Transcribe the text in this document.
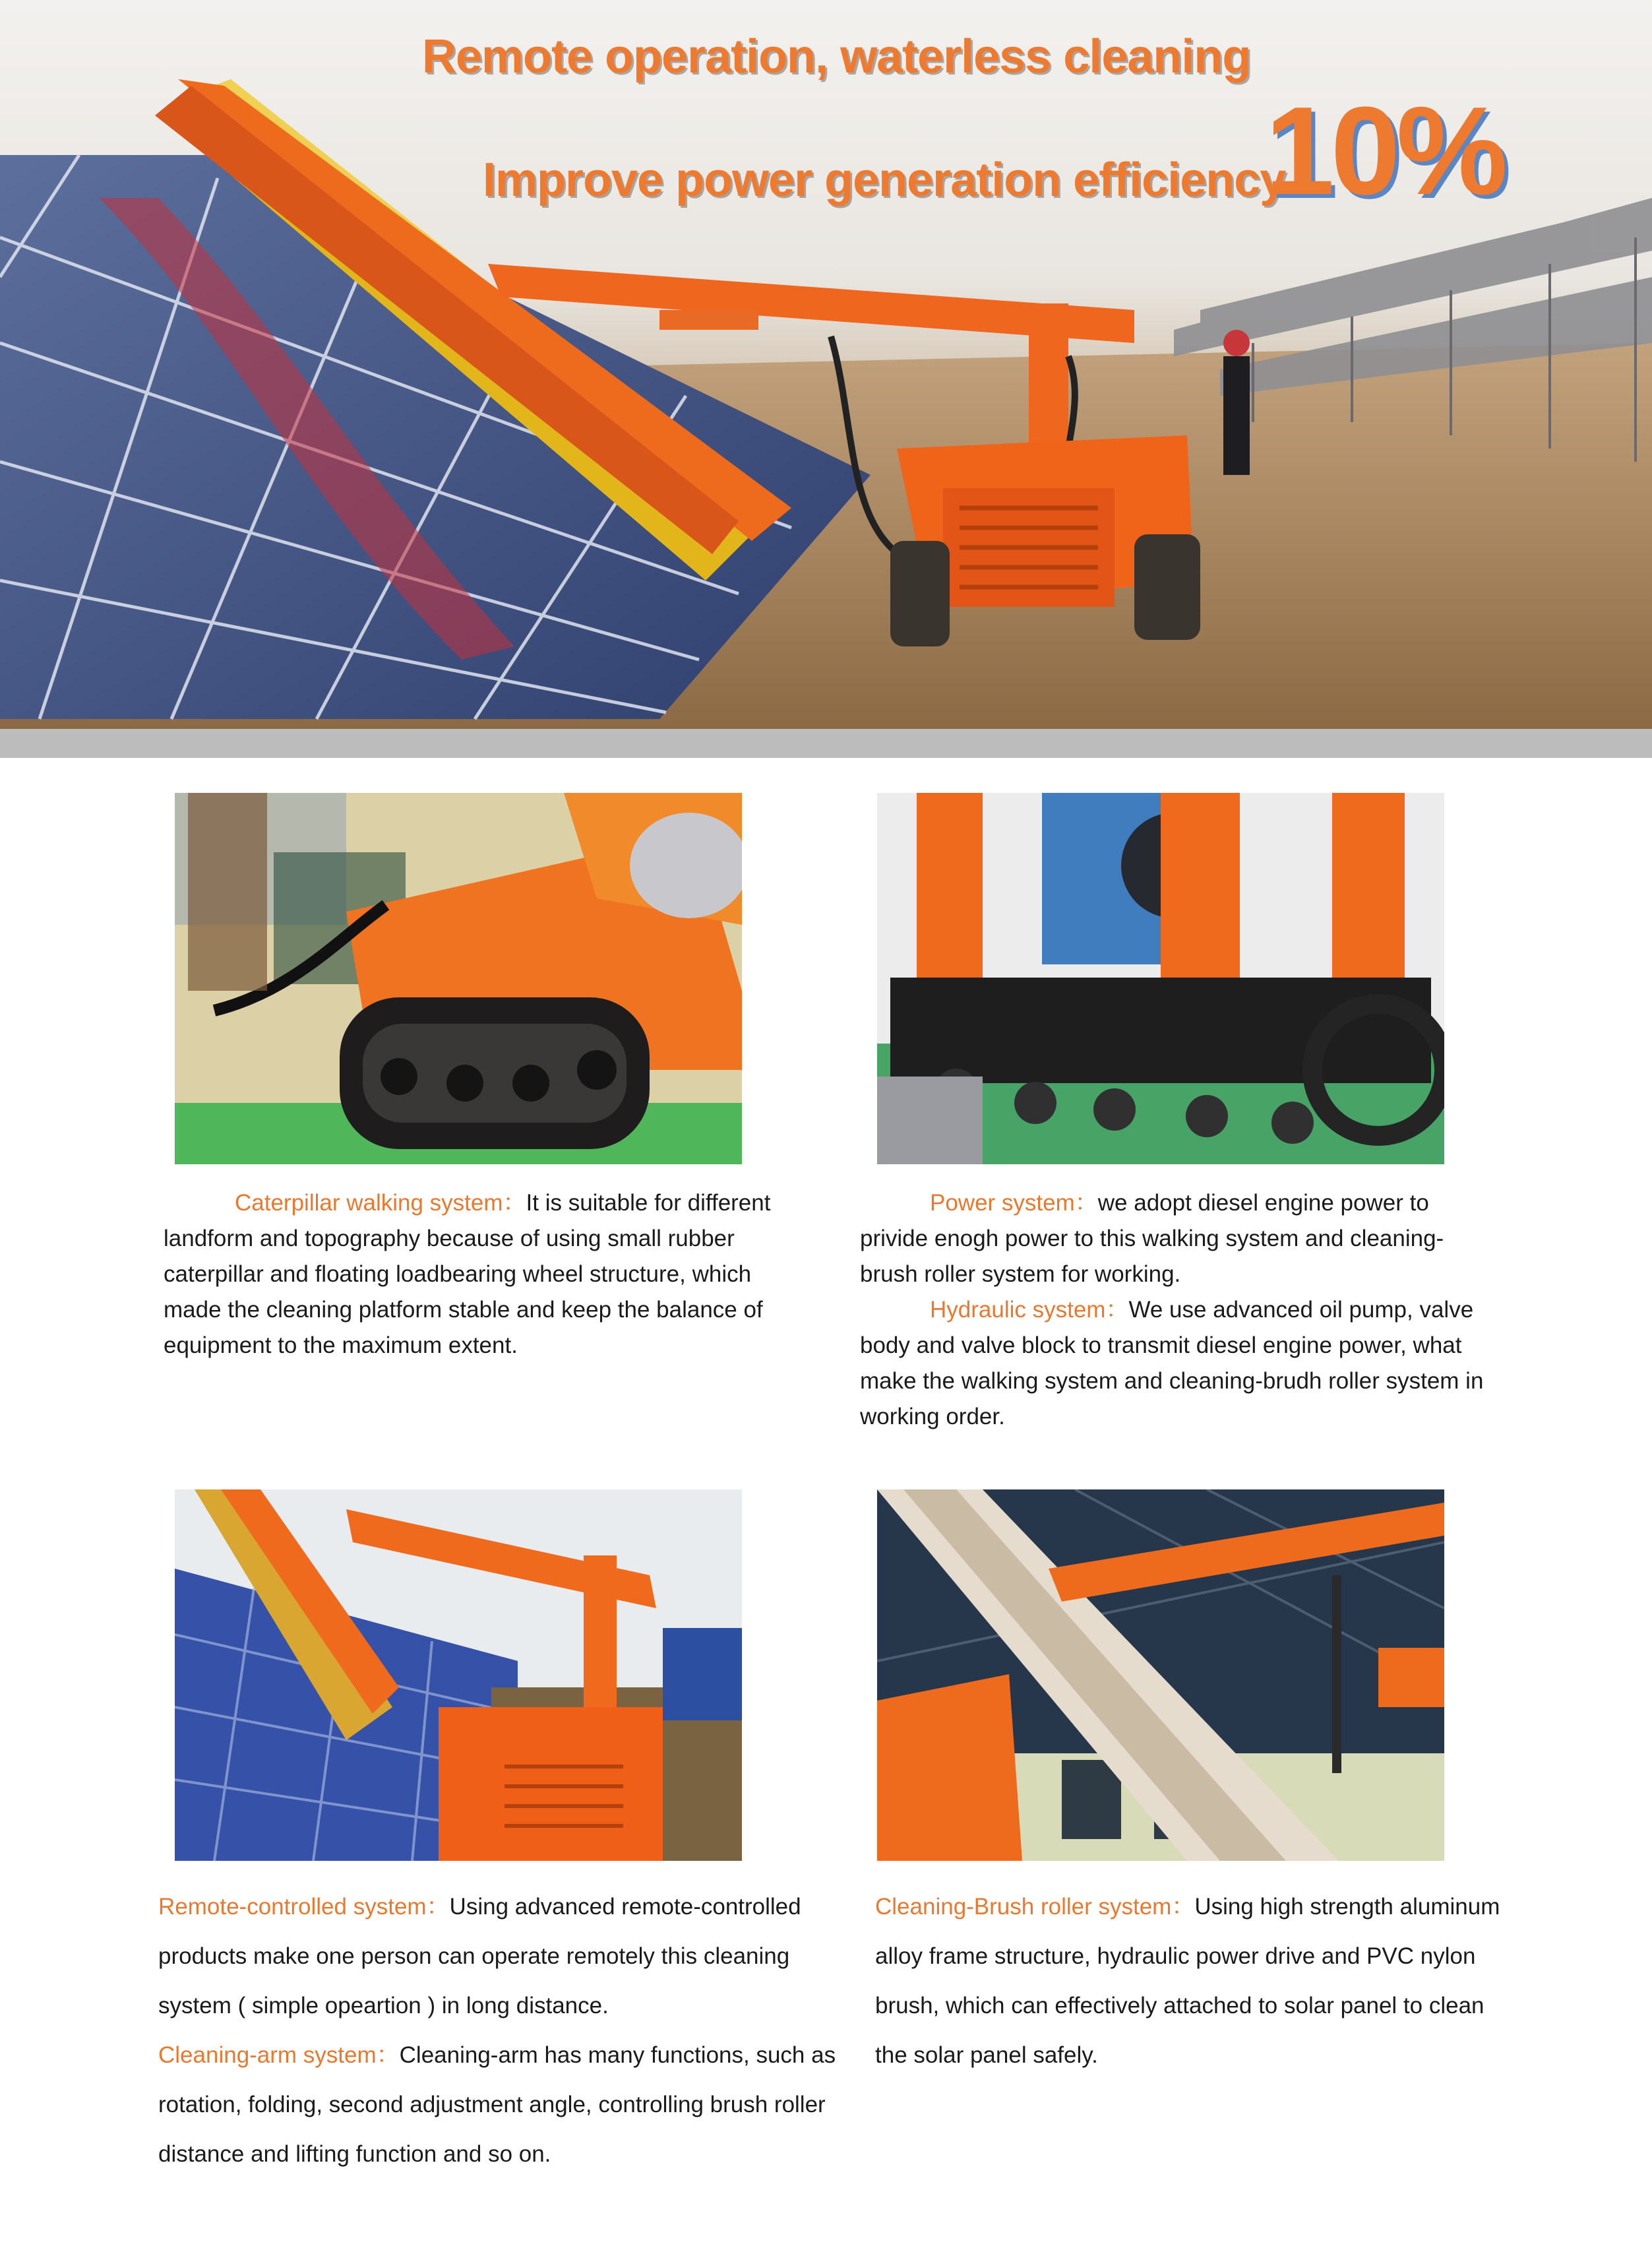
Remote operation, waterless cleaning
Improve power generation efficiency
10%

Caterpillar walking system：It is suitable for different landform and topography because of using small rubber caterpillar and floating loadbearing wheel structure, which made the cleaning platform stable and keep the balance of equipment to the maximum extent.

Power system：we adopt diesel engine power to privide enogh power to this walking system and cleaning-brush roller system for working.

Hydraulic system：We use advanced oil pump, valve body and valve block to transmit diesel engine power, what make the walking system and cleaning-brudh roller system in working order.

Remote-controlled system：Using advanced remote-controlled products make one person can operate remotely this cleaning system ( simple opeartion ) in long distance.

Cleaning-arm system：Cleaning-arm has many functions, such as rotation, folding, second adjustment angle, controlling brush roller distance and lifting function and so on.

Cleaning-Brush roller system：Using high strength aluminum alloy frame structure, hydraulic power drive and PVC nylon brush, which can effectively attached to solar panel to clean the solar panel safely.
